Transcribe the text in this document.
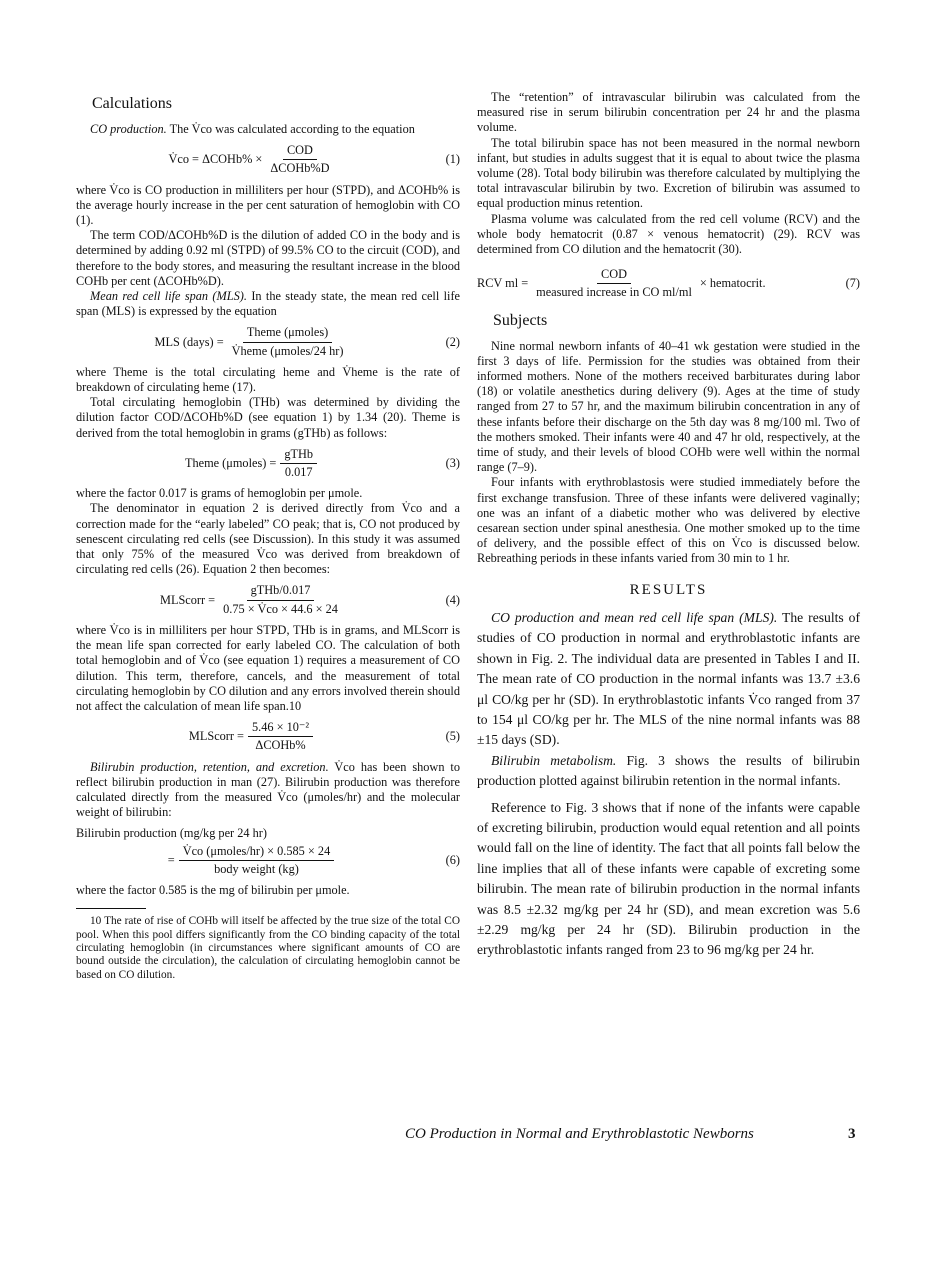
Calculations

CO production. The V̇co was calculated according to the equation

V̇co = ΔCOHb% × $\frac{\text{COD}}{\text{ΔCOHb\%D}}$	(1)

where V̇co is CO production in milliliters per hour (STPD), and ΔCOHb% is the average hourly increase in the per cent saturation of hemoglobin with CO (1).

The term COD/ΔCOHb%D is the dilution of added CO in the body and is determined by adding 0.92 ml (STPD) of 99.5% CO to the circuit (COD), and therefore to the body stores, and measuring the resultant increase in the blood COHb per cent (ΔCOHb%D).

Mean red cell life span (MLS). In the steady state, the mean red cell life span (MLS) is expressed by the equation

MLS (days) = $\frac{\text{Theme (μmoles)}}{\text{V̇heme (μmoles/24 hr)}}$	(2)

where Theme is the total circulating heme and V̇heme is the rate of breakdown of circulating heme (17).

Total circulating hemoglobin (THb) was determined by dividing the dilution factor COD/ΔCOHb%D (see equation 1) by 1.34 (20). Theme is derived from the total hemoglobin in grams (gTHb) as follows:

Theme (μmoles) = $\frac{\text{gTHb}}{0.017}$	(3)

where the factor 0.017 is grams of hemoglobin per μmole.

The denominator in equation 2 is derived directly from V̇co and a correction made for the “early labeled” CO peak; that is, CO not produced by senescent circulating red cells (see Discussion). In this study it was assumed that only 75% of the measured V̇co was derived from breakdown of circulating red cells (26). Equation 2 then becomes:

MLScorr = $\frac{\text{gTHb/0.017}}{0.75 \times V̇co \times 44.6 \times 24}$	(4)

where V̇co is in milliliters per hour STPD, THb is in grams, and MLScorr is the mean life span corrected for early labeled CO. The calculation of both total hemoglobin and of V̇co (see equation 1) requires a measurement of CO dilution. This term, therefore, cancels, and the measurement of total circulating hemoglobin by CO dilution and any errors involved therein should not affect the calculation of mean life span.10

MLScorr = $\frac{\text{5.46 × 10⁻²}}{\text{ΔCOHb\%}}$	(5)

Bilirubin production, retention, and excretion. V̇co has been shown to reflect bilirubin production in man (27). Bilirubin production was therefore calculated directly from the measured V̇co (μmoles/hr) and the molecular weight of bilirubin:

Bilirubin production (mg/kg per 24 hr)
= $\frac{\text{V̇co (μmoles/hr) × 0.585 × 24}}{\text{body weight (kg)}}$	(6)

where the factor 0.585 is the mg of bilirubin per μmole.

10 The rate of rise of COHb will itself be affected by the true size of the total CO pool. When this pool differs significantly from the CO binding capacity of the total circulating hemoglobin (in circumstances where significant amounts of CO are bound outside the circulation), the calculation of circulating hemoglobin cannot be based on CO dilution.

The “retention” of intravascular bilirubin was calculated from the measured rise in serum bilirubin concentration per 24 hr and the plasma volume.

The total bilirubin space has not been measured in the normal newborn infant, but studies in adults suggest that it is equal to about twice the plasma volume (28). Total body bilirubin was therefore calculated by multiplying the total intravascular bilirubin by two. Excretion of bilirubin was assumed to equal production minus retention.

Plasma volume was calculated from the red cell volume (RCV) and the whole body hematocrit (0.87 × venous hematocrit) (29). RCV was determined from CO dilution and the hematocrit (30).

RCV ml = $\frac{\text{COD}}{\text{measured increase in CO ml/ml}}$ × hematocrit.	(7)
Subjects

Nine normal newborn infants of 40–41 wk gestation were studied in the first 3 days of life. Permission for the studies was obtained from their informed mothers. None of the mothers received barbiturates during labor (18) or volatile anesthetics during delivery (9). Ages at the time of study ranged from 27 to 57 hr, and the maximum bilirubin concentration in any of these infants before their discharge on the 5th day was 8 mg/100 ml. Two of the mothers smoked. Their infants were 40 and 47 hr old, respectively, at the time of study, and their levels of blood COHb were well within the normal range (7–9).

Four infants with erythroblastosis were studied immediately before the first exchange transfusion. Three of these infants were delivered vaginally; one was an infant of a diabetic mother who was delivered by elective cesarean section under spinal anesthesia. One mother smoked up to the time of delivery, and the possible effect of this on V̇co is discussed below. Rebreathing periods in these infants varied from 30 min to 1 hr.

RESULTS

CO production and mean red cell life span (MLS). The results of studies of CO production in normal and erythroblastotic infants are shown in Fig. 2. The individual data are presented in Tables I and II. The mean rate of CO production in the normal infants was 13.7 ±3.6 μl CO/kg per hr (SD). In erythroblastotic infants V̇co ranged from 37 to 154 μl CO/kg per hr. The MLS of the nine normal infants was 88 ±15 days (SD).

Bilirubin metabolism. Fig. 3 shows the results of bilirubin production plotted against bilirubin retention in the normal infants.

Reference to Fig. 3 shows that if none of the infants were capable of excreting bilirubin, production would equal retention and all points would fall on the line of identity. The fact that all points fall below the line implies that all of these infants were capable of excreting some bilirubin. The mean rate of bilirubin production in the normal infants was 8.5 ±2.32 mg/kg per 24 hr (SD), and mean excretion was 5.6 ±2.29 mg/kg per 24 hr (SD). Bilirubin production in the erythroblastotic infants ranged from 23 to 96 mg/kg per 24 hr.

CO Production in Normal and Erythroblastotic Newborns	3
